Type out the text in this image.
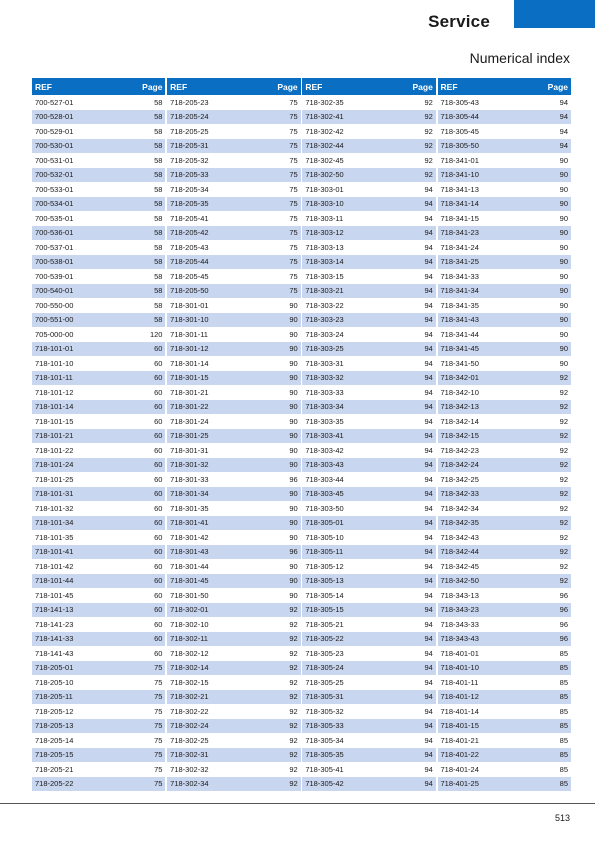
Service
Numerical index
REF	Page
700-527-01	58
700-528-01	58
700-529-01	58
700-530-01	58
700-531-01	58
700-532-01	58
700-533-01	58
700-534-01	58
700-535-01	58
700-536-01	58
700-537-01	58
700-538-01	58
700-539-01	58
700-540-01	58
700-550-00	58
700-551-00	58
705-000-00	120
718-101-01	60
718-101-10	60
718-101-11	60
718-101-12	60
718-101-14	60
718-101-15	60
718-101-21	60
718-101-22	60
718-101-24	60
718-101-25	60
718-101-31	60
718-101-32	60
718-101-34	60
718-101-35	60
718-101-41	60
718-101-42	60
718-101-44	60
718-101-45	60
718-141-13	60
718-141-23	60
718-141-33	60
718-141-43	60
718-205-01	75
718-205-10	75
718-205-11	75
718-205-12	75
718-205-13	75
718-205-14	75
718-205-15	75
718-205-21	75
718-205-22	75
REF	Page
718-205-23	75
718-205-24	75
718-205-25	75
718-205-31	75
718-205-32	75
718-205-33	75
718-205-34	75
718-205-35	75
718-205-41	75
718-205-42	75
718-205-43	75
718-205-44	75
718-205-45	75
718-205-50	75
718-301-01	90
718-301-10	90
718-301-11	90
718-301-12	90
718-301-14	90
718-301-15	90
718-301-21	90
718-301-22	90
718-301-24	90
718-301-25	90
718-301-31	90
718-301-32	90
718-301-33	96
718-301-34	90
718-301-35	90
718-301-41	90
718-301-42	90
718-301-43	96
718-301-44	90
718-301-45	90
718-301-50	90
718-302-01	92
718-302-10	92
718-302-11	92
718-302-12	92
718-302-14	92
718-302-15	92
718-302-21	92
718-302-22	92
718-302-24	92
718-302-25	92
718-302-31	92
718-302-32	92
718-302-34	92
REF	Page
718-302-35	92
718-302-41	92
718-302-42	92
718-302-44	92
718-302-45	92
718-302-50	92
718-303-01	94
718-303-10	94
718-303-11	94
718-303-12	94
718-303-13	94
718-303-14	94
718-303-15	94
718-303-21	94
718-303-22	94
718-303-23	94
718-303-24	94
718-303-25	94
718-303-31	94
718-303-32	94
718-303-33	94
718-303-34	94
718-303-35	94
718-303-41	94
718-303-42	94
718-303-43	94
718-303-44	94
718-303-45	94
718-303-50	94
718-305-01	94
718-305-10	94
718-305-11	94
718-305-12	94
718-305-13	94
718-305-14	94
718-305-15	94
718-305-21	94
718-305-22	94
718-305-23	94
718-305-24	94
718-305-25	94
718-305-31	94
718-305-32	94
718-305-33	94
718-305-34	94
718-305-35	94
718-305-41	94
718-305-42	94
REF	Page
718-305-43	94
718-305-44	94
718-305-45	94
718-305-50	94
718-341-01	90
718-341-10	90
718-341-13	90
718-341-14	90
718-341-15	90
718-341-23	90
718-341-24	90
718-341-25	90
718-341-33	90
718-341-34	90
718-341-35	90
718-341-43	90
718-341-44	90
718-341-45	90
718-341-50	90
718-342-01	92
718-342-10	92
718-342-13	92
718-342-14	92
718-342-15	92
718-342-23	92
718-342-24	92
718-342-25	92
718-342-33	92
718-342-34	92
718-342-35	92
718-342-43	92
718-342-44	92
718-342-45	92
718-342-50	92
718-343-13	96
718-343-23	96
718-343-33	96
718-343-43	96
718-401-01	85
718-401-10	85
718-401-11	85
718-401-12	85
718-401-14	85
718-401-15	85
718-401-21	85
718-401-22	85
718-401-24	85
718-401-25	85
513
